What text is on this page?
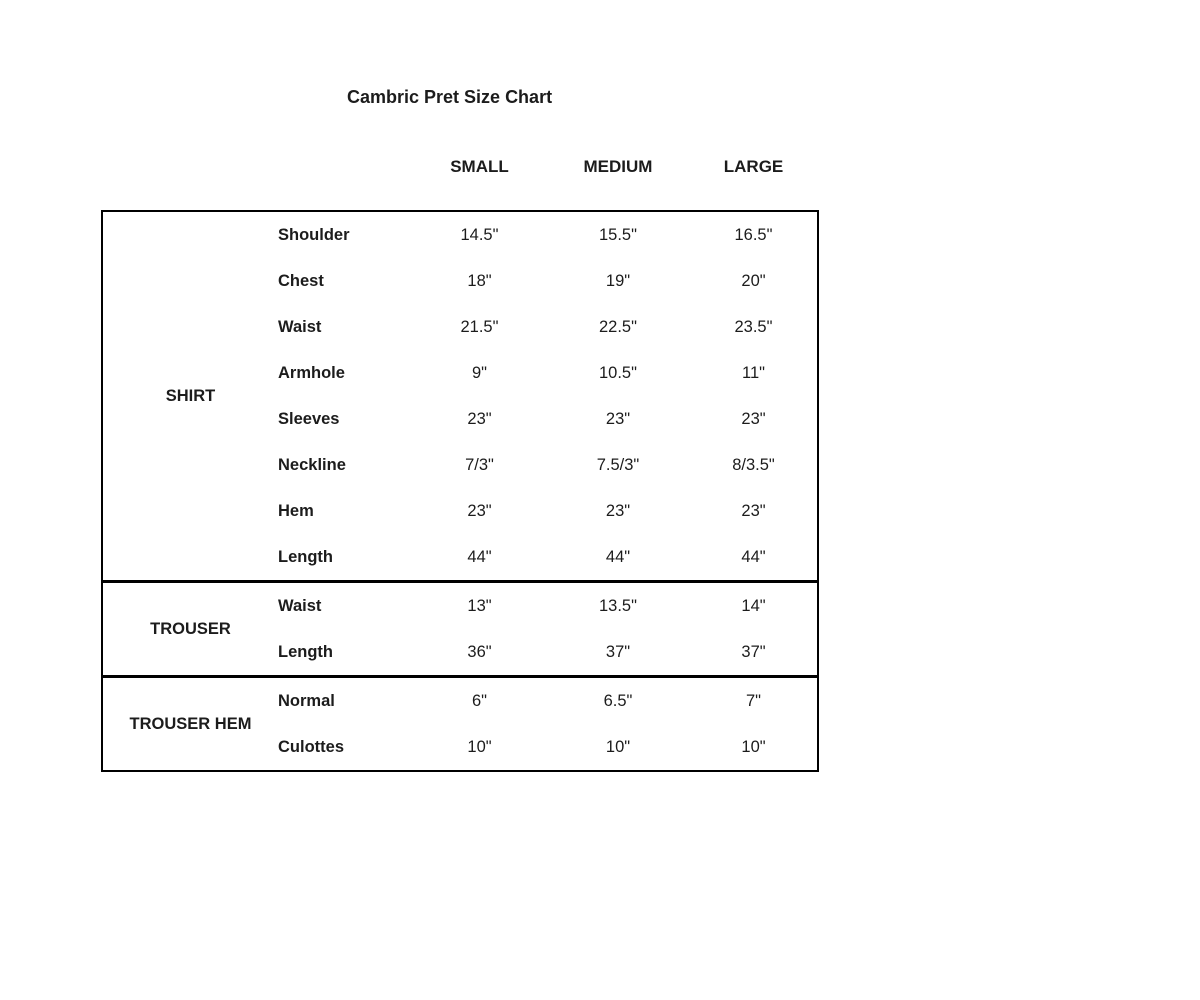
Cambric Pret Size Chart
SMALL	MEDIUM	LARGE
SHIRT
Shoulder	14.5"	15.5"	16.5"
Chest	18"	19"	20"
Waist	21.5"	22.5"	23.5"
Armhole	9"	10.5"	11"
Sleeves	23"	23"	23"
Neckline	7/3"	7.5/3"	8/3.5"
Hem	23"	23"	23"
Length	44"	44"	44"
TROUSER
Waist	13"	13.5"	14"
Length	36"	37"	37"
TROUSER HEM
Normal	6"	6.5"	7"
Culottes	10"	10"	10"
